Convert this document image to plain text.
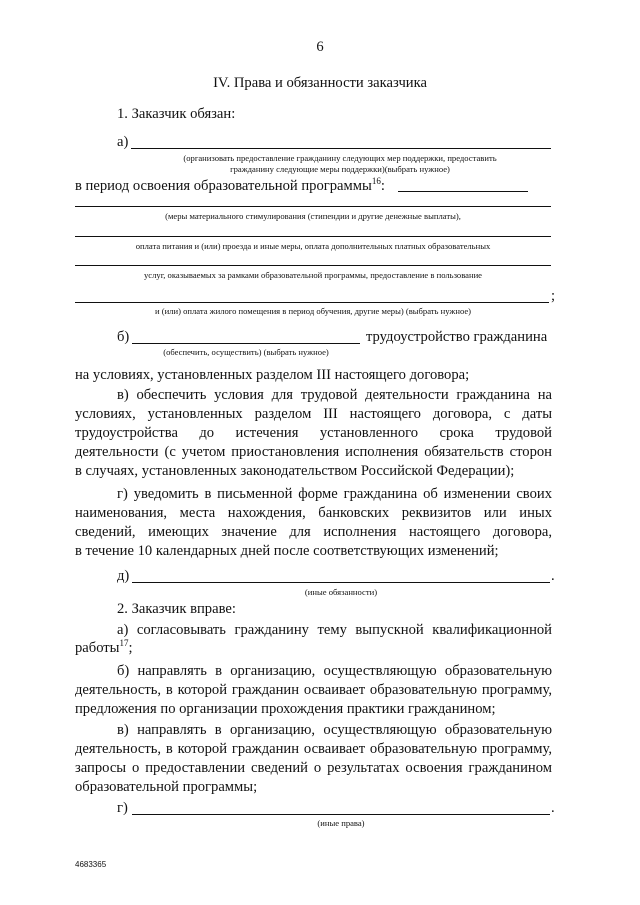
6
IV. Права и обязанности заказчика
1. Заказчик обязан:
а)
(организовать предоставление гражданину следующих мер поддержки, предоставить
гражданину следующие меры поддержки)(выбрать нужное)
в период освоения образовательной программы$^{16}$:
(меры материального стимулирования (стипендии и другие денежные выплаты),
оплата питания и (или) проезда и иные меры, оплата дополнительных платных образовательных
услуг, оказываемых за рамками образовательной программы, предоставление в пользование
;
и (или) оплата жилого помещения в период обучения, другие меры) (выбрать нужное)
б)	трудоустройство гражданина
(обеспечить, осуществить) (выбрать нужное)
на условиях, установленных разделом III настоящего договора;
в) обеспечить условия для трудовой деятельности гражданина на
условиях, установленных разделом III настоящего договора, с даты
трудоустройства до истечения установленного срока трудовой
деятельности (с учетом приостановления исполнения обязательств сторон
в случаях, установленных законодательством Российской Федерации);
г) уведомить в письменной форме гражданина об изменении своих
наименования, места нахождения, банковских реквизитов или иных
сведений, имеющих значение для исполнения настоящего договора,
в течение 10 календарных дней после соответствующих изменений;
д)	.
(иные обязанности)
2. Заказчик вправе:
а) согласовывать гражданину тему выпускной квалификационной
работы$^{17}$;
б) направлять в организацию, осуществляющую образовательную
деятельность, в которой гражданин осваивает образовательную программу,
предложения по организации прохождения практики гражданином;
в) направлять в организацию, осуществляющую образовательную
деятельность, в которой гражданин осваивает образовательную программу,
запросы о предоставлении сведений о результатах освоения гражданином
образовательной программы;
г)	.
(иные права)
4683365
